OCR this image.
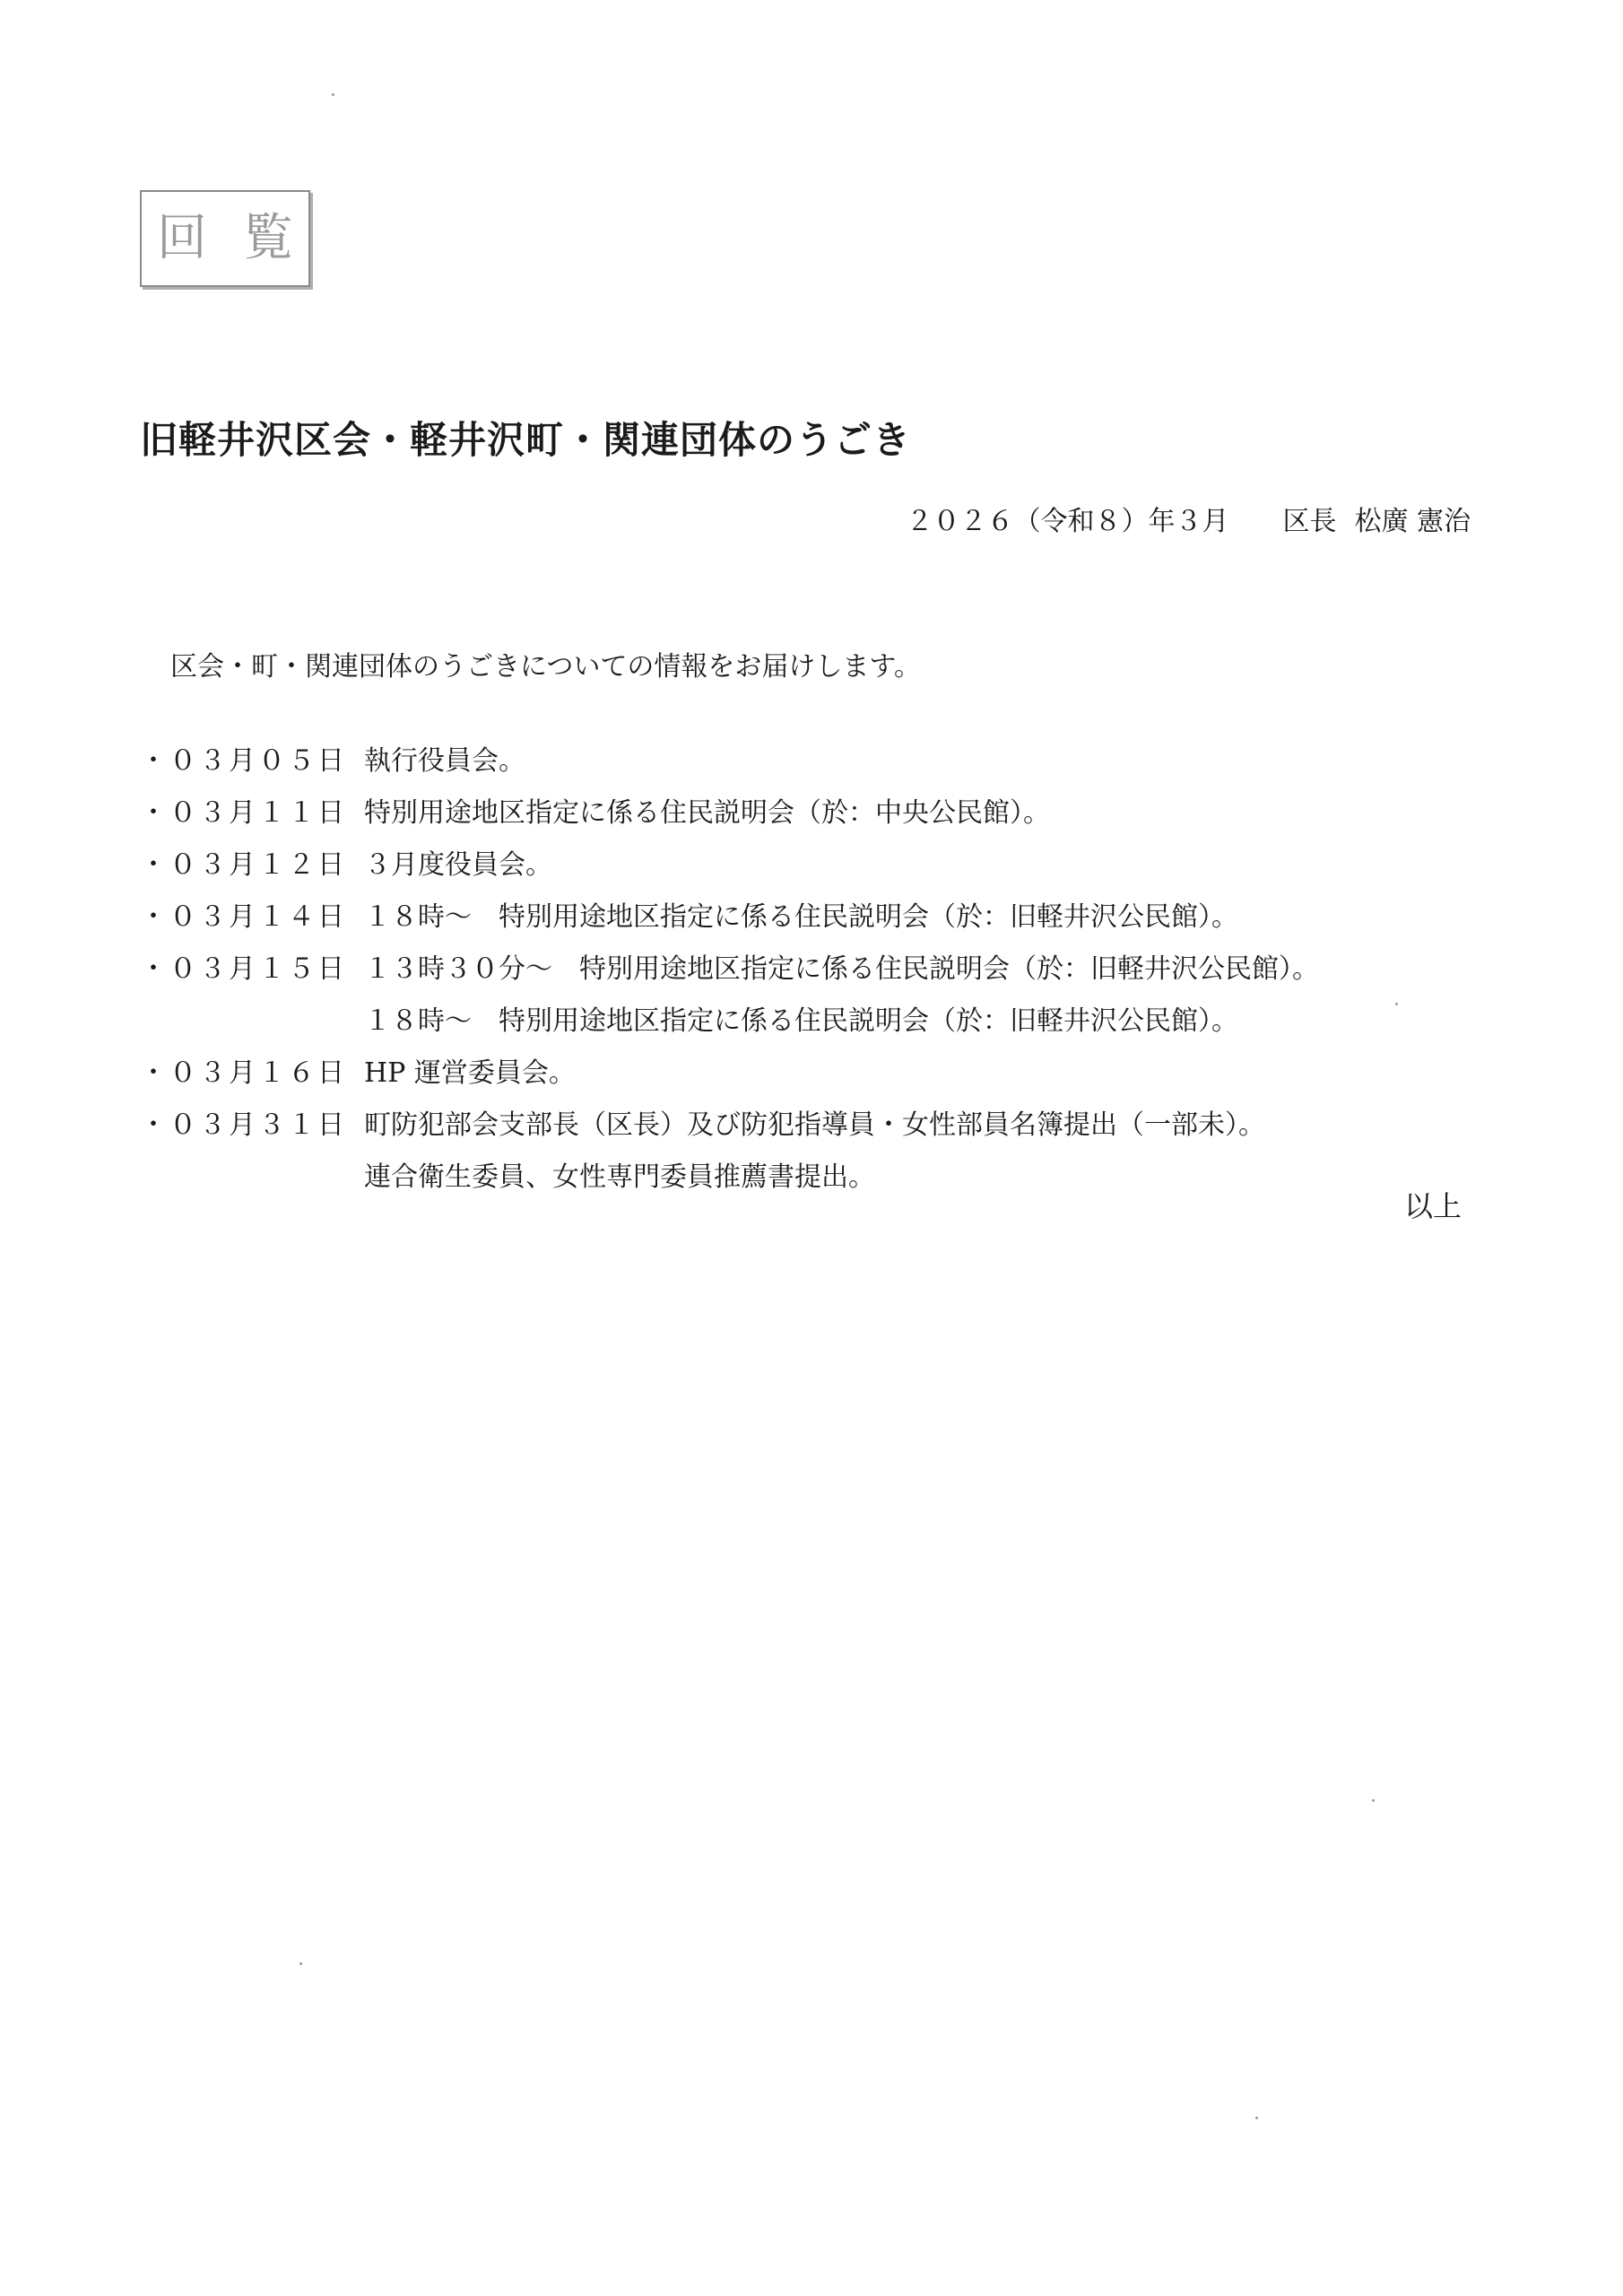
回 覧
旧軽井沢区会・軽井沢町・関連団体のうごき
２０２６（令和８）年３月 区長 松廣 憲治
区会・町・関連団体のうごきについての情報をお届けします。
・０３月０５日 執行役員会。
・０３月１１日 特別用途地区指定に係る住民説明会（於：中央公民館）。
・０３月１２日 ３月度役員会。
・０３月１４日 １８時～　特別用途地区指定に係る住民説明会（於：旧軽井沢公民館）。
・０３月１５日 １３時３０分～　特別用途地区指定に係る住民説明会（於：旧軽井沢公民館）。
１８時～　特別用途地区指定に係る住民説明会（於：旧軽井沢公民館）。
・０３月１６日 HP 運営委員会。
・０３月３１日 町防犯部会支部長（区長）及び防犯指導員・女性部員名簿提出（一部未）。
連合衛生委員、女性専門委員推薦書提出。
以上
